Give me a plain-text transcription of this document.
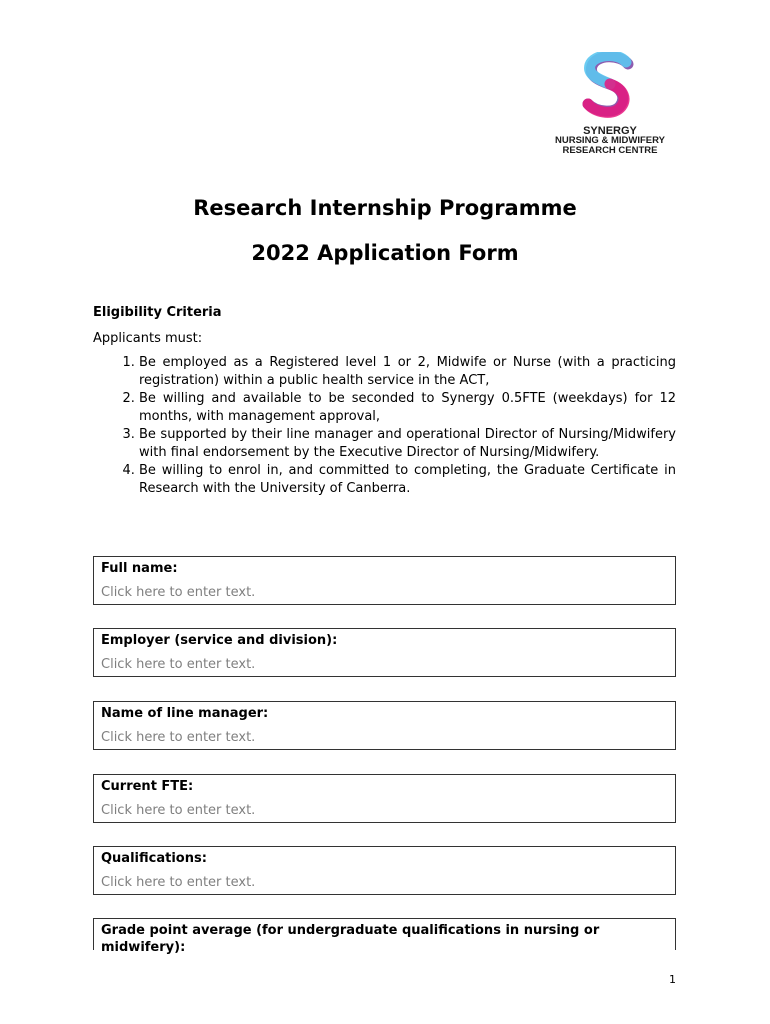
SYNERGY
NURSING & MIDWIFERY
RESEARCH CENTRE
Research Internship Programme
2022 Application Form

Eligibility Criteria

Applicants must:

1. Be employed as a Registered level 1 or 2, Midwife or Nurse (with a practicing registration) within a public health service in the ACT,
2. Be willing and available to be seconded to Synergy 0.5FTE (weekdays) for 12 months, with management approval,
3. Be supported by their line manager and operational Director of Nursing/Midwifery with final endorsement by the Executive Director of Nursing/Midwifery.
4. Be willing to enrol in, and committed to completing, the Graduate Certificate in Research with the University of Canberra.
Full name:
Click here to enter text.
Employer (service and division):
Click here to enter text.
Name of line manager:
Click here to enter text.
Current FTE:
Click here to enter text.
Qualifications:
Click here to enter text.
Grade point average (for undergraduate qualifications in nursing or midwifery):

1
